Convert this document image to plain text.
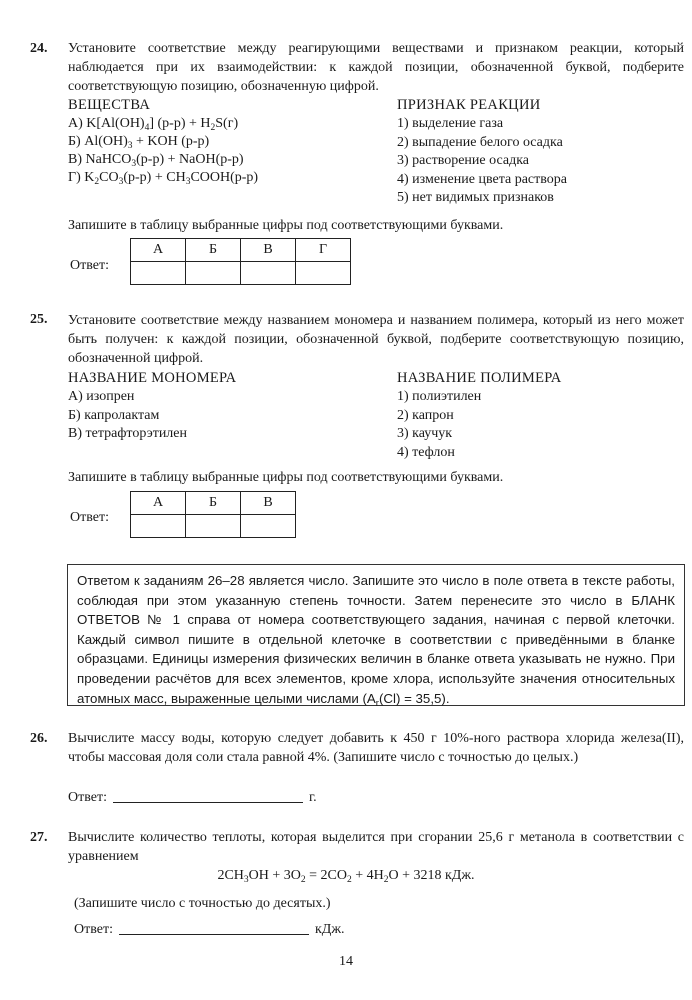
24. Установите соответствие между реагирующими веществами и признаком реакции, который наблюдается при их взаимодействии: к каждой позиции, обозначенной буквой, подберите соответствующую позицию, обозначенную цифрой.
ВЕЩЕСТВА
А) $K[Al(OH)_4] (р-р) + H_2S(г)$
Б) $Al(OH)_3$ + KOH (р-р)
В) NaHCO$_3$(р-р) + NaOH(р-р)
Г) $K_2CO_3(р-р)$ + $CH_3COOH(р-р)$
ПРИЗНАК РЕАКЦИИ
1) выделение газа
2) выпадение белого осадка
3) растворение осадка
4) изменение цвета раствора
5) нет видимых признаков
Запишите в таблицу выбранные цифры под соответствующими буквами.
Ответ:
А	Б	В	Г

25. Установите соответствие между названием мономера и названием полимера, который из него может быть получен: к каждой позиции, обозначенной буквой, подберите соответствующую позицию, обозначенной цифрой.
НАЗВАНИЕ МОНОМЕРА
А) изопрен
Б) капролактам
В) тетрафторэтилен
НАЗВАНИЕ ПОЛИМЕРА
1) полиэтилен
2) капрон
3) каучук
4) тефлон
Запишите в таблицу выбранные цифры под соответствующими буквами.
Ответ:
А	Б	В

Ответом к заданиям 26–28 является число. Запишите это число в поле ответа в тексте работы, соблюдая при этом указанную степень точности. Затем перенесите это число в БЛАНК ОТВЕТОВ № 1 справа от номера соответствующего задания, начиная с первой клеточки. Каждый символ пишите в отдельной клеточке в соответствии с приведёнными в бланке образцами. Единицы измерения физических величин в бланке ответа указывать не нужно. При проведении расчётов для всех элементов, кроме хлора, используйте значения относительных атомных масс, выраженные целыми числами $(A_r(Cl) = 35,5)$.
26. Вычислите массу воды, которую следует добавить к 450 г 10%-ного раствора хлорида железа(II), чтобы массовая доля соли стала равной 4%. (Запишите число с точностью до целых.)
Ответ:	г.
27. Вычислите количество теплоты, которая выделится при сгорании 25,6 г метанола в соответствии с уравнением
$2CH_3OH + 3O_2 = 2CO_2 + 4H_2O + 3218$ кДж.
(Запишите число с точностью до десятых.)
Ответ:	кДж.
14
